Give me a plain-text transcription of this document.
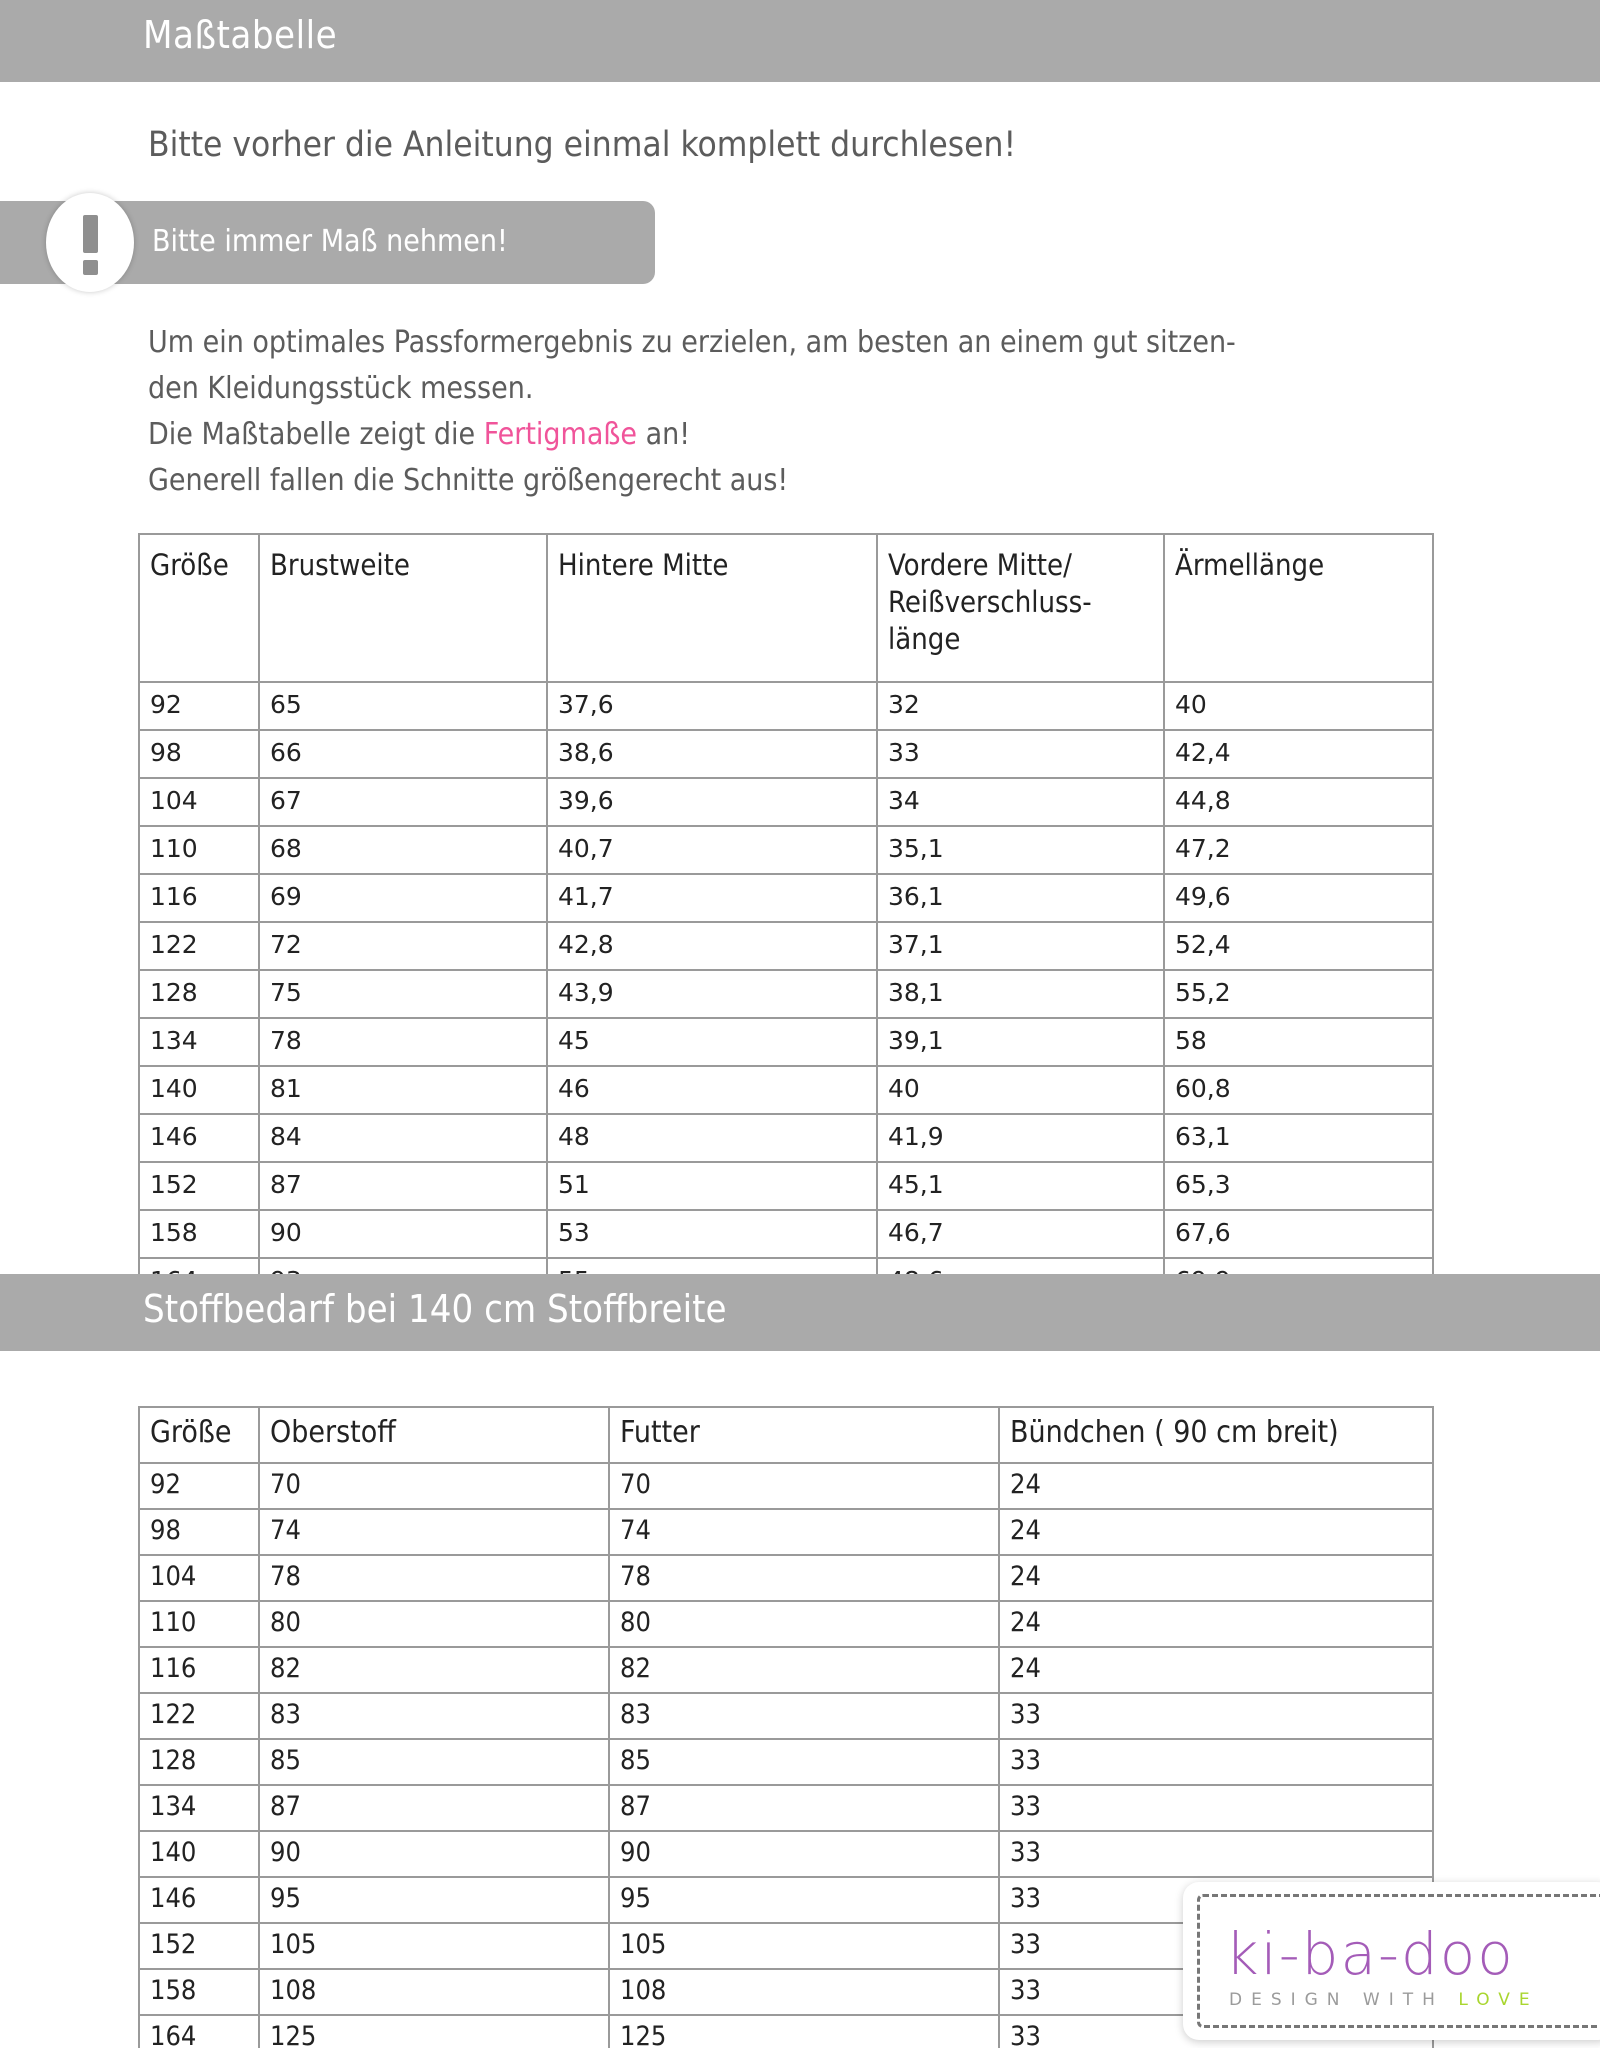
Maßtabelle
Bitte vorher die Anleitung einmal komplett durchlesen!
Bitte immer Maß nehmen!
Um ein optimales Passformergebnis zu erzielen, am besten an einem gut sitzen-
den Kleidungsstück messen.
Die Maßtabelle zeigt die Fertigmaße an!
Generell fallen die Schnitte größengerecht aus!
Größe	Brustweite	Hintere Mitte	Vordere Mitte/
Reißverschluss-
länge	Ärmellänge
92	65	37,6	32	40
98	66	38,6	33	42,4
104	67	39,6	34	44,8
110	68	40,7	35,1	47,2
116	69	41,7	36,1	49,6
122	72	42,8	37,1	52,4
128	75	43,9	38,1	55,2
134	78	45	39,1	58
140	81	46	40	60,8
146	84	48	41,9	63,1
152	87	51	45,1	65,3
158	90	53	46,7	67,6

Stoffbedarf bei 140 cm Stoffbreite
Größe	Oberstoff	Futter	Bündchen ( 90 cm breit)
92	70	70	24
98	74	74	24
104	78	78	24
110	80	80	24
116	82	82	24
122	83	83	33
128	85	85	33
134	87	87	33
140	90	90	33
146	95	95	33
152	105	105	33
158	108	108	33
164	125	125	33
ki-ba-doo
DESIGN WITH LOVE
